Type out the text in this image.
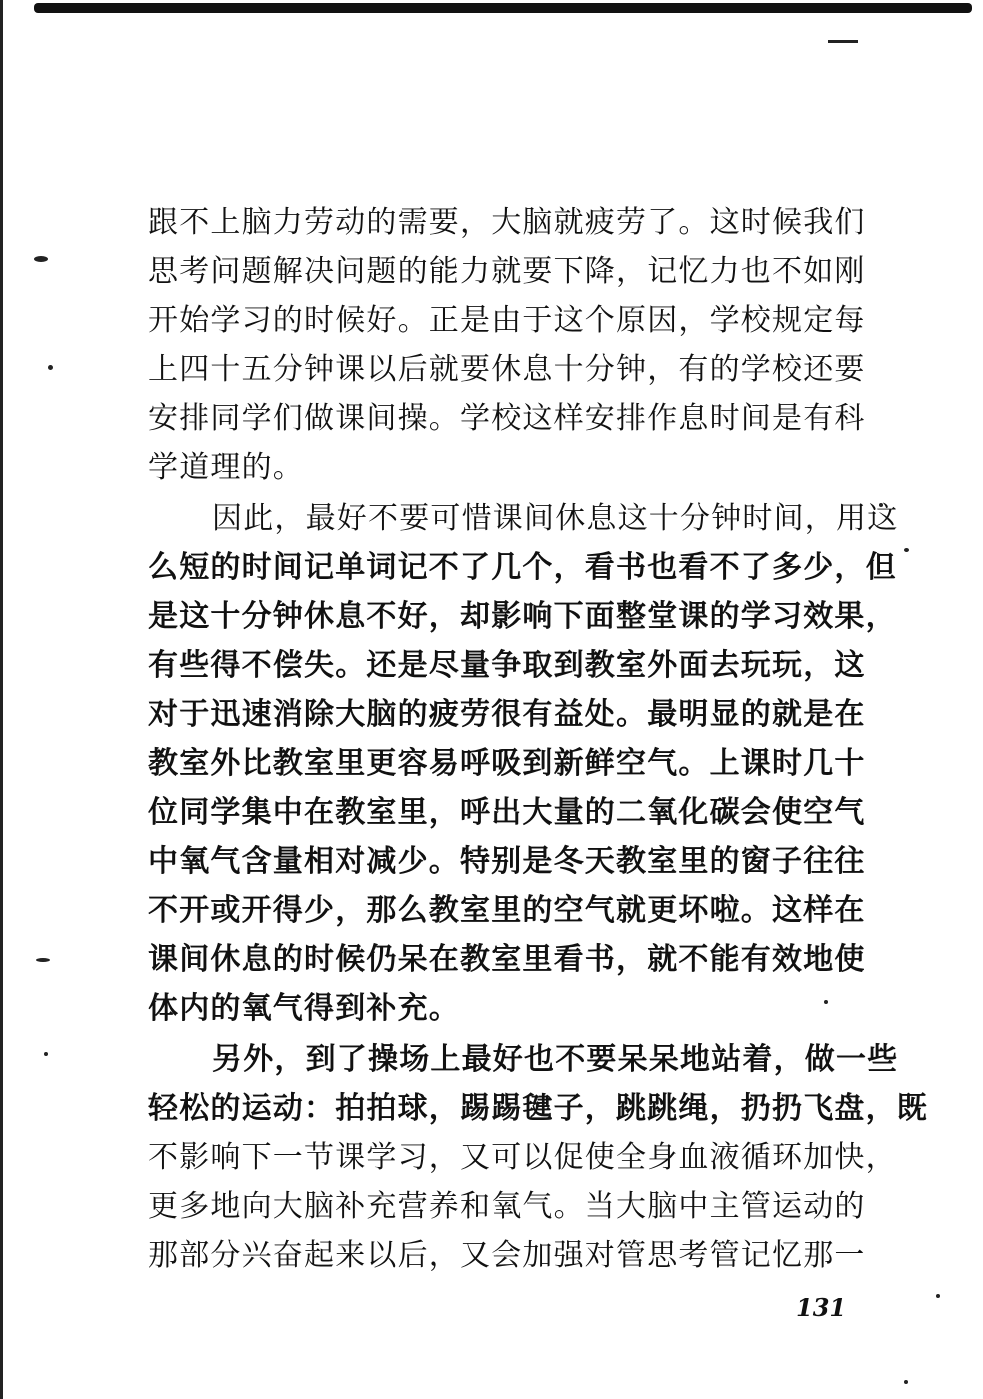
跟不上脑力劳动的需要，大脑就疲劳了。这时候我们
思考问题解决问题的能力就要下降，记忆力也不如刚
开始学习的时候好。正是由于这个原因，学校规定每
上四十五分钟课以后就要休息十分钟，有的学校还要
安排同学们做课间操。学校这样安排作息时间是有科
学道理的。
因此，最好不要可惜课间休息这十分钟时间，用这
么短的时间记单词记不了几个，看书也看不了多少，但
是这十分钟休息不好，却影响下面整堂课的学习效果，
有些得不偿失。还是尽量争取到教室外面去玩玩，这
对于迅速消除大脑的疲劳很有益处。最明显的就是在
教室外比教室里更容易呼吸到新鲜空气。上课时几十
位同学集中在教室里，呼出大量的二氧化碳会使空气
中氧气含量相对减少。特别是冬天教室里的窗子往往
不开或开得少，那么教室里的空气就更坏啦。这样在
课间休息的时候仍呆在教室里看书，就不能有效地使
体内的氧气得到补充。
另外，到了操场上最好也不要呆呆地站着，做一些
轻松的运动：拍拍球，踢踢毽子，跳跳绳，扔扔飞盘，既
不影响下一节课学习，又可以促使全身血液循环加快，
更多地向大脑补充营养和氧气。当大脑中主管运动的
那部分兴奋起来以后，又会加强对管思考管记忆那一
131
